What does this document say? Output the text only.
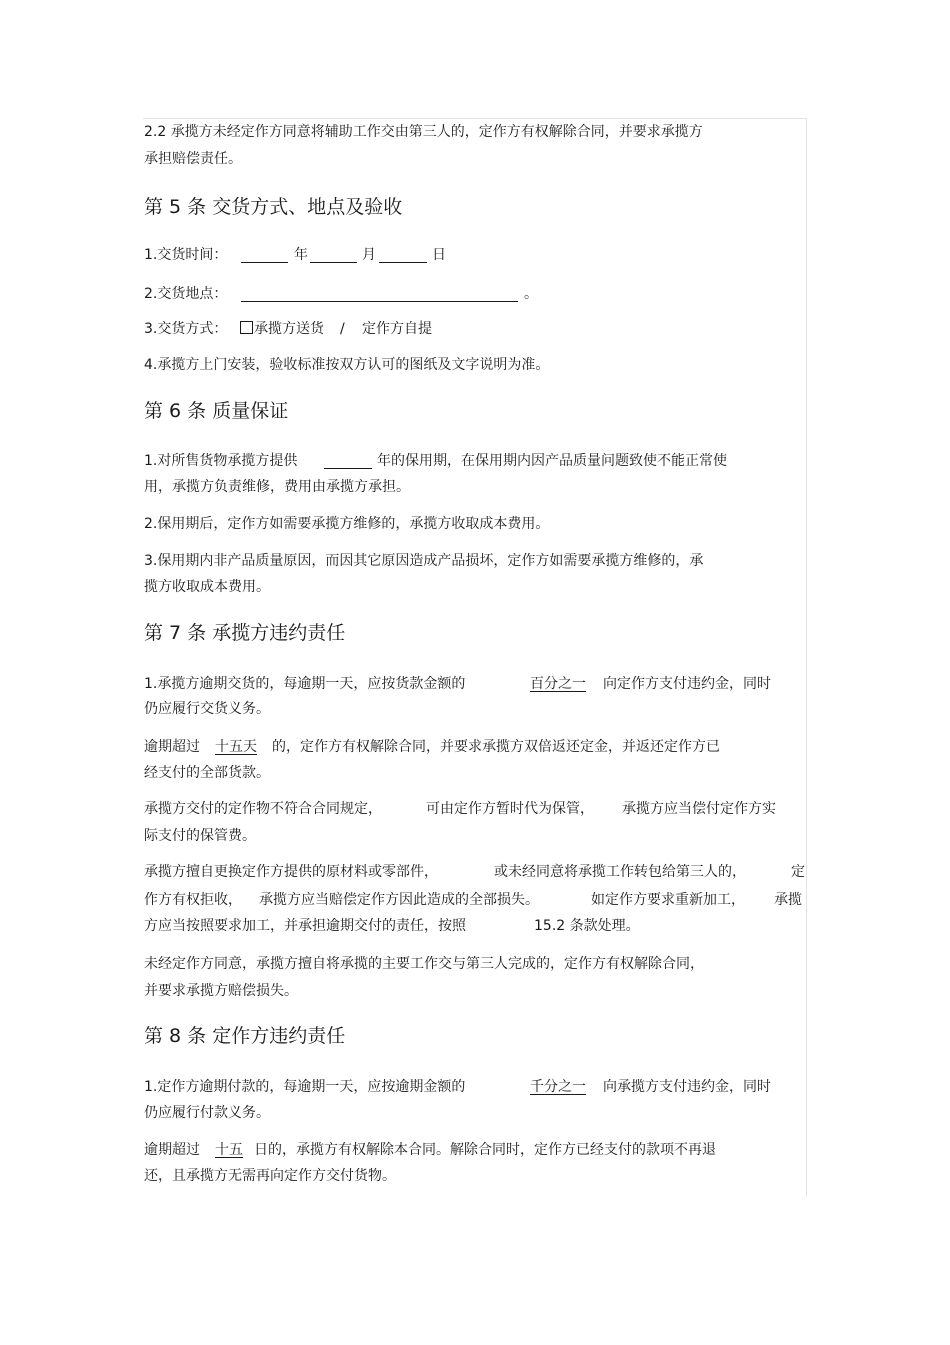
2.2 承揽方未经定作方同意将辅助工作交由第三人的，定作方有权解除合同，并要求承揽方
承担赔偿责任。
第 5 条 交货方式、地点及验收
1.交货时间：	年	月	日
2.交货地点：	。
3.交货方式：	承揽方送货 / 定作方自提
4.承揽方上门安装，验收标准按双方认可的图纸及文字说明为准。
第 6 条 质量保证
1.对所售货物承揽方提供	年的保用期，在保用期内因产品质量问题致使不能正常使
用，承揽方负责维修，费用由承揽方承担。
2.保用期后，定作方如需要承揽方维修的，承揽方收取成本费用。
3.保用期内非产品质量原因，而因其它原因造成产品损坏，定作方如需要承揽方维修的，承
揽方收取成本费用。
第 7 条 承揽方违约责任
1.承揽方逾期交货的，每逾期一天，应按货款金额的	百分之一	向定作方支付违约金，同时
仍应履行交货义务。
逾期超过	十五天 的，定作方有权解除合同，并要求承揽方双倍返还定金，并返还定作方已
经支付的全部货款。
承揽方交付的定作物不符合合同规定，	可由定作方暂时代为保管， 承揽方应当偿付定作方实
际支付的保管费。
承揽方擅自更换定作方提供的原材料或零部件，	或未经同意将承揽工作转包给第三人的，	定
作方有权拒收， 承揽方应当赔偿定作方因此造成的全部损失。	如定作方要求重新加工， 承揽
方应当按照要求加工，并承担逾期交付的责任，按照	15.2 条款处理。
未经定作方同意，承揽方擅自将承揽的主要工作交与第三人完成的，定作方有权解除合同，
并要求承揽方赔偿损失。
第 8 条 定作方违约责任
1.定作方逾期付款的，每逾期一天，应按逾期金额的	千分之一	向承揽方支付违约金，同时
仍应履行付款义务。
逾期超过	十五 日的，承揽方有权解除本合同。解除合同时，定作方已经支付的款项不再退
还，且承揽方无需再向定作方交付货物。
